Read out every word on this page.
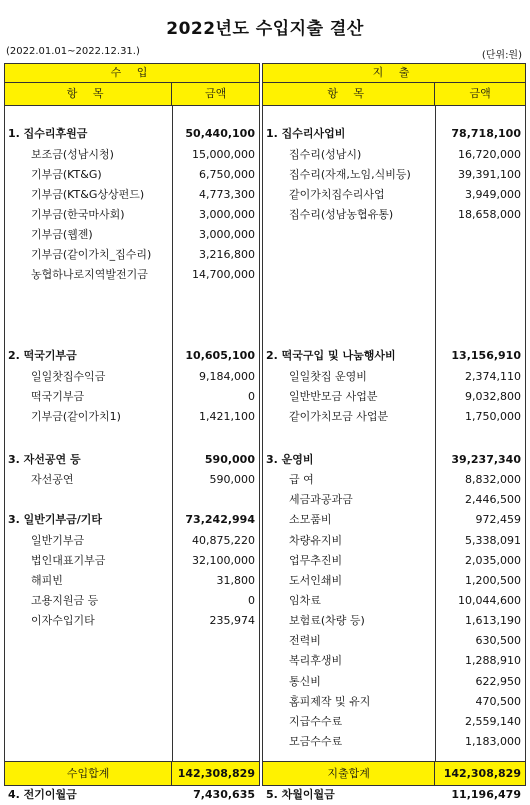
2022년도 수입지출 결산
(2022.01.01~2022.12.31.)	(단위:원)
수 입
항 목	금액
1. 집수리후원금	50,440,100
보조금(성남시청)	15,000,000
기부금(KT&G)	6,750,000
기부금(KT&G상상펀드)	4,773,300
기부금(한국마사회)	3,000,000
기부금(웹젠)	3,000,000
기부금(같이가치_집수리)	3,216,800
농협하나로지역발전기금	14,700,000
2. 떡국기부금	10,605,100
일일찻집수익금	9,184,000
떡국기부금	0
기부금(같이가치1)	1,421,100
3. 자선공연 등	590,000
자선공연	590,000
3. 일반기부금/기타	73,242,994
일반기부금	40,875,220
법인대표기부금	32,100,000
해피빈	31,800
고용지원금 등	0
이자수입기타	235,974
4. 전기이월금	7,430,635
수입합계	142,308,829
지 출
항 목	금액
1. 집수리사업비	78,718,100
집수리(성남시)	16,720,000
집수리(자재,노임,식비등)	39,391,100
같이가치집수리사업	3,949,000
집수리(성남농협유통)	18,658,000
2. 떡국구입 및 나눔행사비	13,156,910
일일찻집 운영비	2,374,110
일반반모금 사업분	9,032,800
같이가치모금 사업분	1,750,000
3. 운영비	39,237,340
급 여	8,832,000
세금과공과금	2,446,500
소모품비	972,459
차량유지비	5,338,091
업무추진비	2,035,000
도서인쇄비	1,200,500
임차료	10,044,600
보험료(차량 등)	1,613,190
전력비	630,500
복리후생비	1,288,910
통신비	622,950
홈피제작 및 유지	470,500
지급수수료	2,559,140
모금수수료	1,183,000
5. 차월이월금	11,196,479
지출합계	142,308,829
